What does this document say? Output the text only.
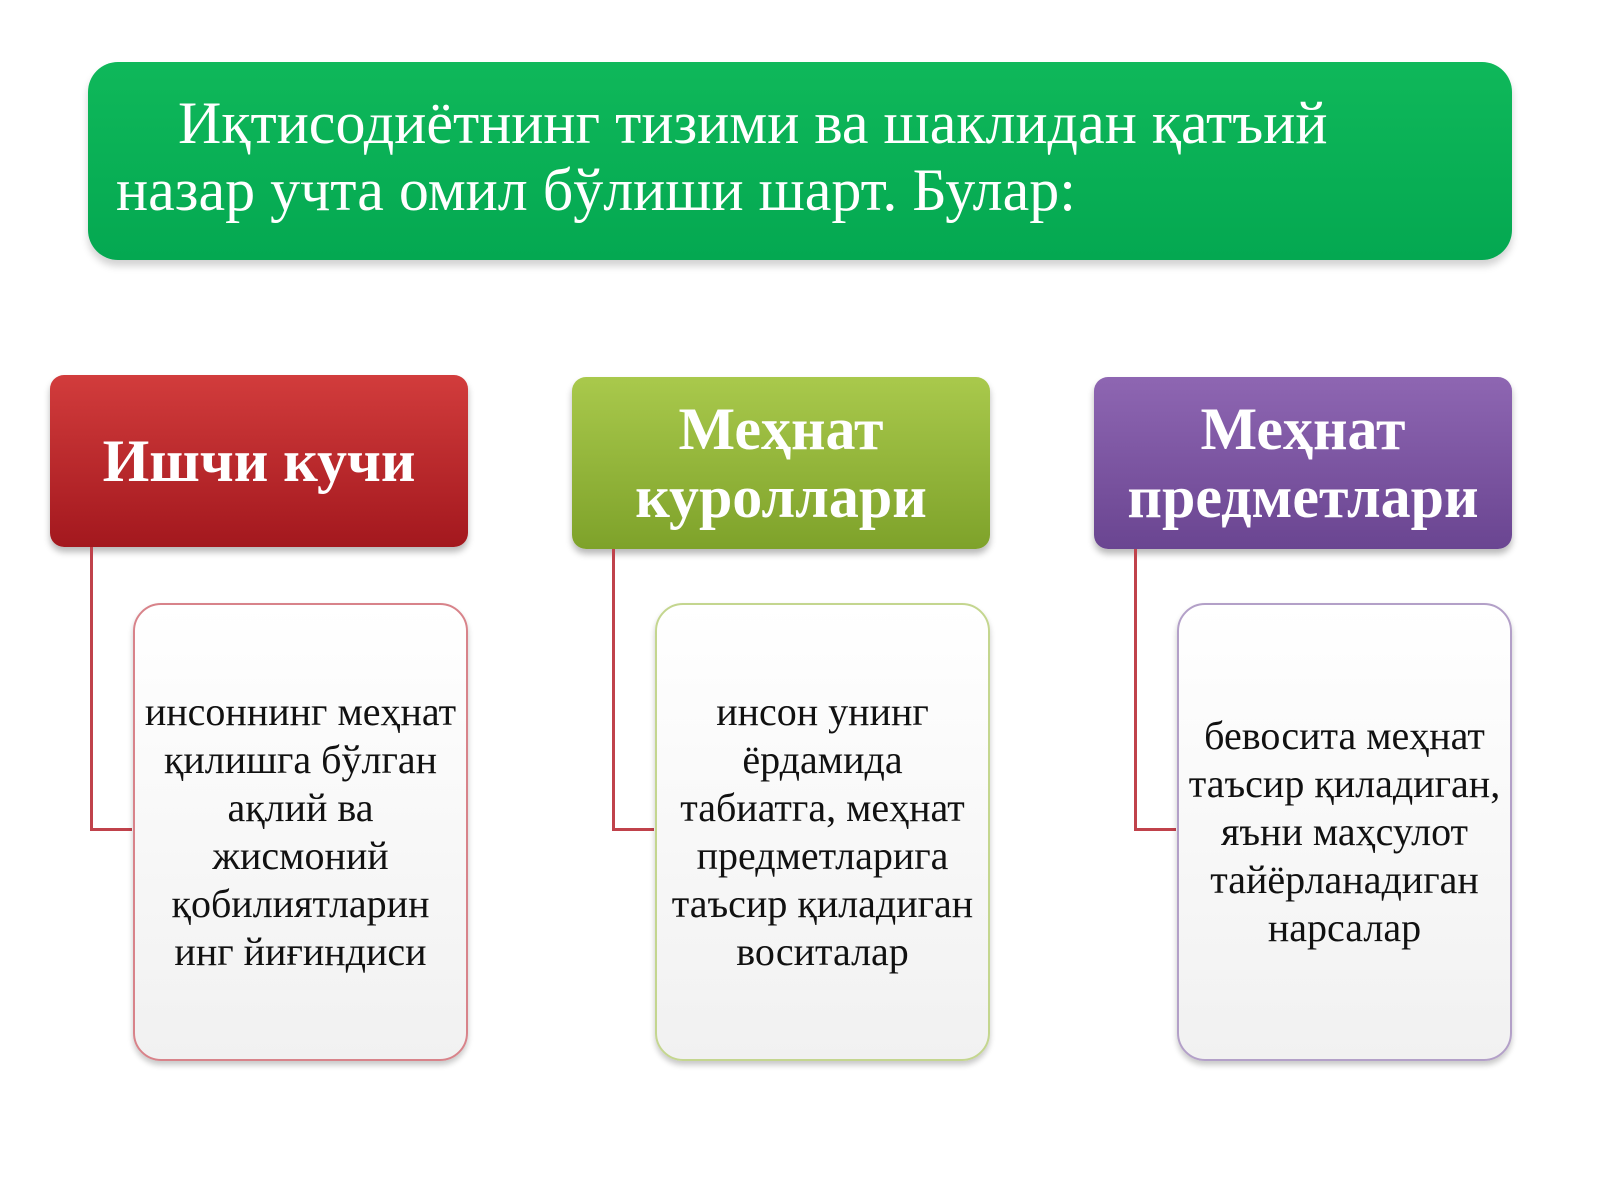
Иқтисодиётнинг тизими ва шаклидан қатъий назар учта омил бўлиши шарт. Булар:
Ишчи кучи
инсоннинг меҳнат қилишга бўлган ақлий ва жисмоний қобилиятларин инг йиғиндиси
Меҳнат куроллари
инсон унинг ёрдамида табиатга, меҳнат предметларига таъсир қиладиган воситалар
Меҳнат предметлари
бевосита меҳнат таъсир қиладиган, яъни маҳсулот тайёрланадиган нарсалар
